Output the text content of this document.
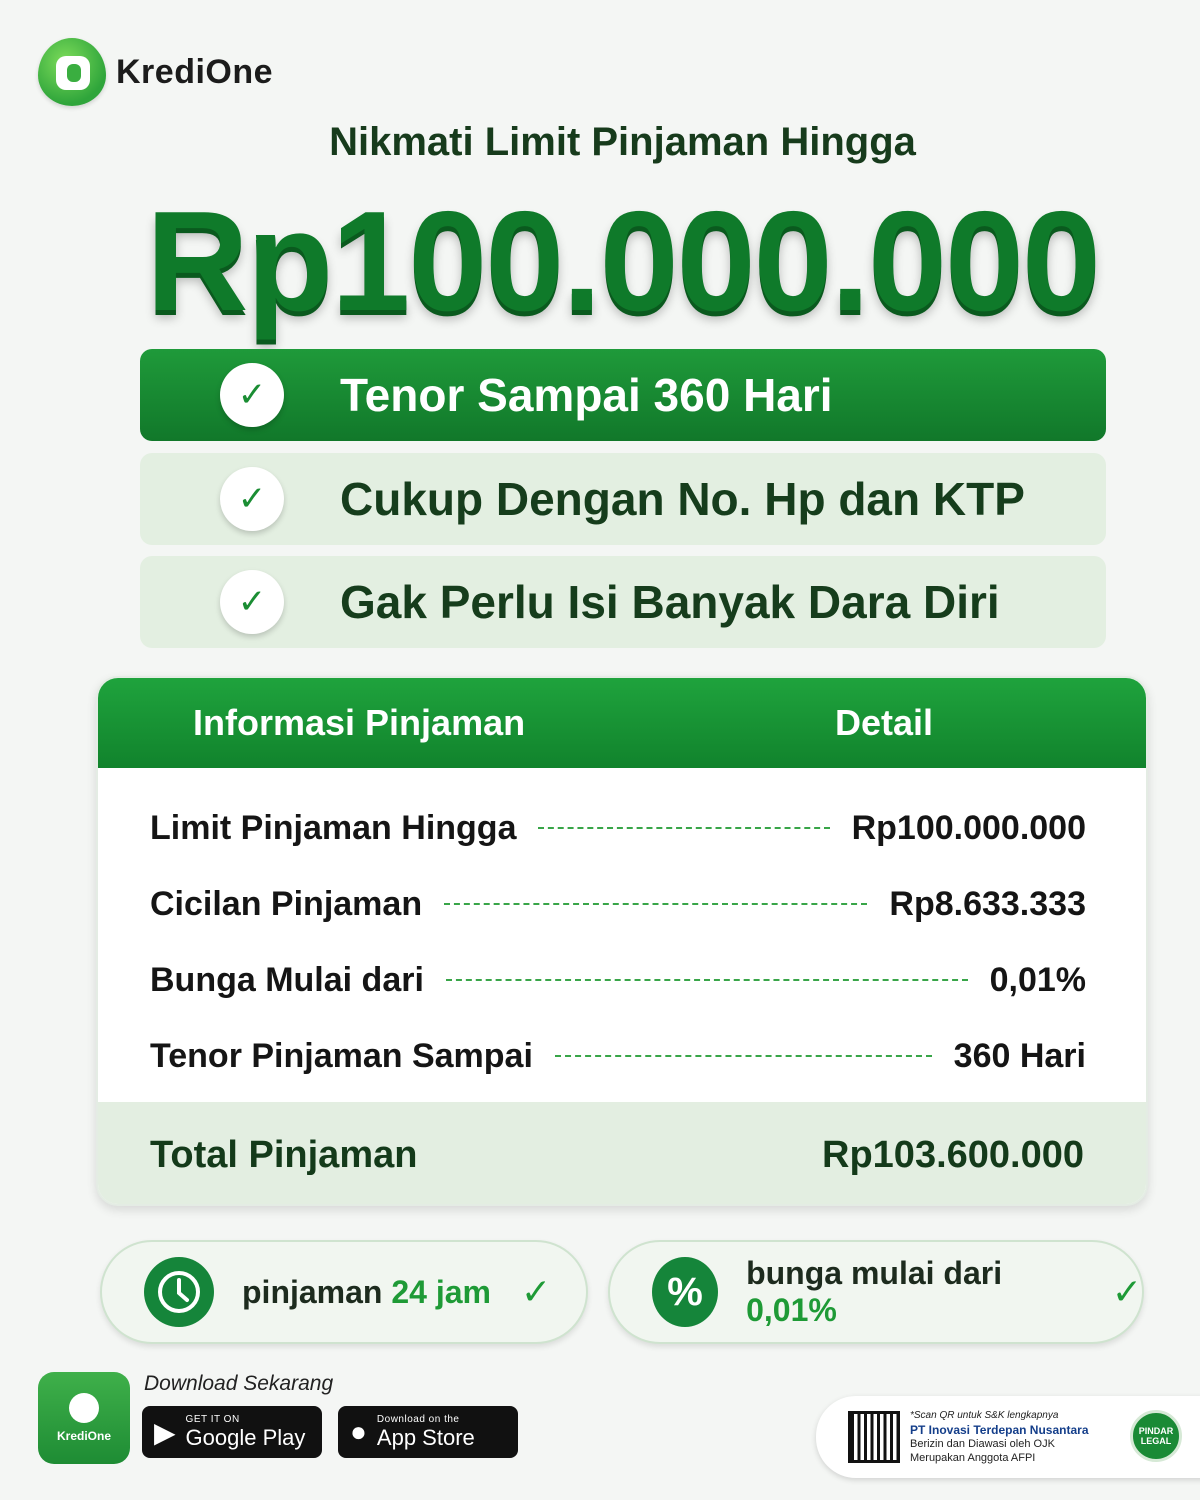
KrediOne
Nikmati Limit Pinjaman Hingga
Rp100.000.000
✓ Tenor Sampai 360 Hari
✓ Cukup Dengan No. Hp dan KTP
✓ Gak Perlu Isi Banyak Dara Diri
Informasi Pinjaman	Detail
Limit Pinjaman Hingga	Rp100.000.000
Cicilan Pinjaman	Rp8.633.333
Bunga Mulai dari	0,01%
Tenor Pinjaman Sampai	360 Hari
Total Pinjaman	Rp103.600.000
pinjaman 24 jam ✓	%	bunga mulai dari 0,01%	✓
KrediOne
Download Sekarang
▶ GET IT ON
Google Play ● Download on the
App Store
*Scan QR untuk S&K lengkapnya
PT Inovasi Terdepan Nusantara
Berizin dan Diawasi oleh OJK
Merupakan Anggota AFPI
PINDAR LEGAL
